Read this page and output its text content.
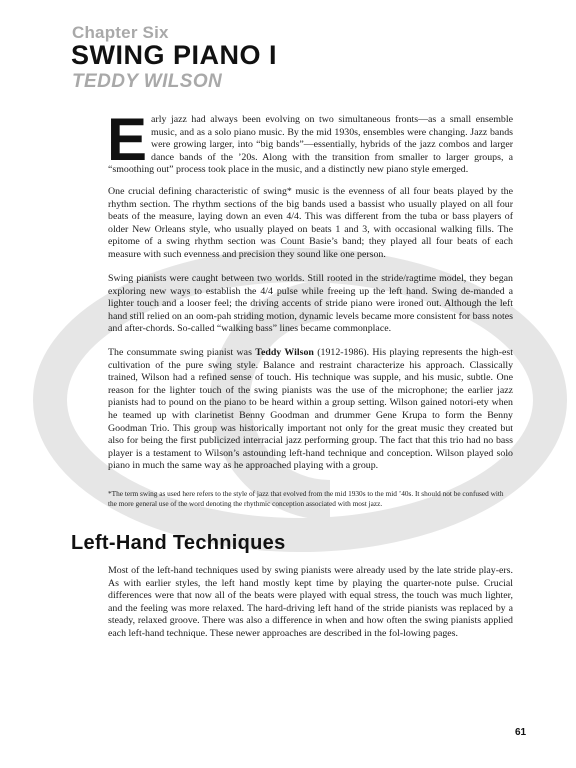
Chapter Six
SWING PIANO I
TEDDY WILSON

Early jazz had always been evolving on two simultaneous fronts—as a small ensemble music, and as a solo piano music. By the mid 1930s, ensembles were changing. Jazz bands were growing larger, into “big bands”—essentially, hybrids of the jazz combos and larger dance bands of the ’20s. Along with the transition from smaller to larger groups, a “smoothing out” process took place in the music, and a distinctly new piano style emerged.

One crucial defining characteristic of swing* music is the evenness of all four beats played by the rhythm section. The rhythm sections of the big bands used a bassist who usually played on all four beats of the measure, laying down an even 4/4. This was different from the tuba or bass players of older New Orleans style, who usually played on beats 1 and 3, with occasional walking fills. The epitome of a swing rhythm section was Count Basie’s band; they played all four beats of each measure with such evenness and precision they sound like one person.

Swing pianists were caught between two worlds. Still rooted in the stride/ragtime model, they began exploring new ways to establish the 4/4 pulse while freeing up the left hand. Swing de-manded a lighter touch and a looser feel; the driving accents of stride piano were ironed out. Although the left hand still relied on an oom-pah striding motion, dynamic levels became more consistent for bass notes and after-chords. So-called “walking bass” lines became commonplace.

The consummate swing pianist was Teddy Wilson (1912-1986). His playing represents the high-est cultivation of the pure swing style. Balance and restraint characterize his approach. Classically trained, Wilson had a refined sense of touch. His technique was supple, and his music, subtle. One reason for the lighter touch of the swing pianists was the use of the microphone; the earlier jazz pianists had to pound on the piano to be heard within a group setting. Wilson gained notori-ety when he teamed up with clarinetist Benny Goodman and drummer Gene Krupa to form the Benny Goodman Trio. This group was historically important not only for the great music they created but also for being the first publicized interracial jazz performing group. The fact that this trio had no bass player is a testament to Wilson’s astounding left-hand technique and conception. Wilson played solo piano in much the same way as he approached playing with a group.

*The term swing as used here refers to the style of jazz that evolved from the mid 1930s to the mid ’40s. It should not be confused with the more general use of the word denoting the rhythmic conception associated with most jazz.

Left-Hand Techniques

Most of the left-hand techniques used by swing pianists were already used by the late stride play-ers. As with earlier styles, the left hand mostly kept time by playing the quarter-note pulse. Crucial differences were that now all of the beats were played with equal stress, the touch was much lighter, and the feeling was more relaxed. The hard-driving left hand of the stride pianists was replaced by a steady, relaxed groove. There was also a difference in when and how often the swing pianists applied each left-hand technique. These newer approaches are described in the fol-lowing pages.

61
